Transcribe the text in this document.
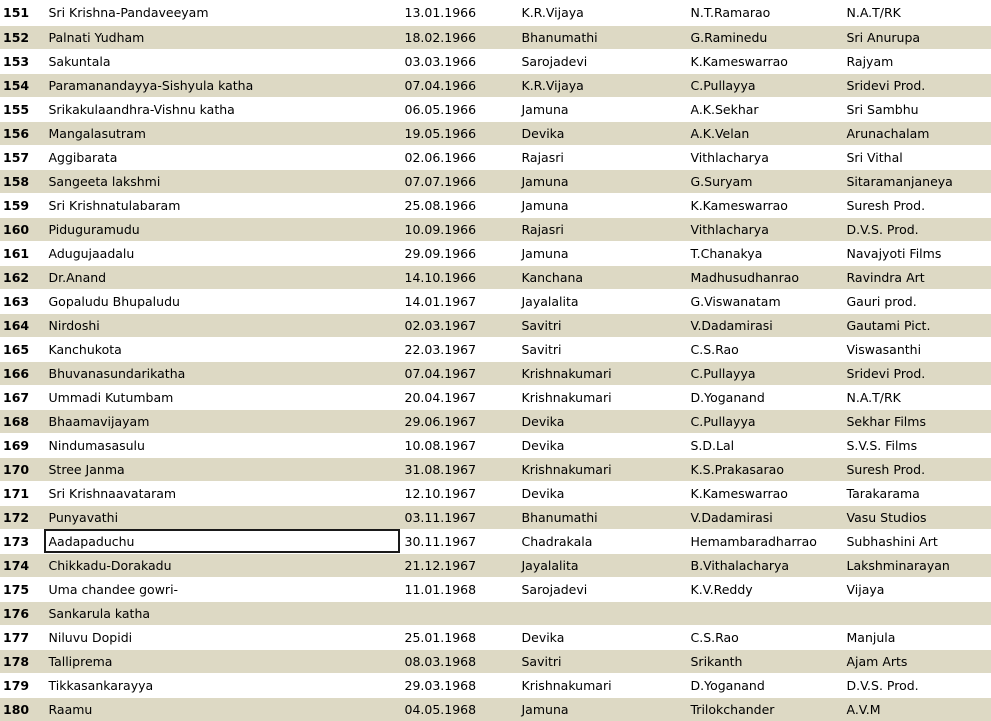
151	Sri Krishna-Pandaveeyam	13.01.1966	K.R.Vijaya	N.T.Ramarao	N.A.T/RK	
152	Palnati Yudham	18.02.1966	Bhanumathi	G.Raminedu	Sri Anurupa	
153	Sakuntala	03.03.1966	Sarojadevi	K.Kameswarrao	Rajyam	
154	Paramanandayya-Sishyula katha	07.04.1966	K.R.Vijaya	C.Pullayya	Sridevi Prod.	
155	Srikakulaandhra-Vishnu katha	06.05.1966	Jamuna	A.K.Sekhar	Sri Sambhu	
156	Mangalasutram	19.05.1966	Devika	A.K.Velan	Arunachalam	
157	Aggibarata	02.06.1966	Rajasri	Vithlacharya	Sri Vithal	
158	Sangeeta lakshmi	07.07.1966	Jamuna	G.Suryam	Sitaramanjaneya	
159	Sri Krishnatulabaram	25.08.1966	Jamuna	K.Kameswarrao	Suresh Prod.	
160	Piduguramudu	10.09.1966	Rajasri	Vithlacharya	D.V.S. Prod.	
161	Adugujaadalu	29.09.1966	Jamuna	T.Chanakya	Navajyoti Films	
162	Dr.Anand	14.10.1966	Kanchana	Madhusudhanrao	Ravindra Art	
163	Gopaludu Bhupaludu	14.01.1967	Jayalalita	G.Viswanatam	Gauri prod.	
164	Nirdoshi	02.03.1967	Savitri	V.Dadamirasi	Gautami Pict.	
165	Kanchukota	22.03.1967	Savitri	C.S.Rao	Viswasanthi	
166	Bhuvanasundarikatha	07.04.1967	Krishnakumari	C.Pullayya	Sridevi Prod.	
167	Ummadi Kutumbam	20.04.1967	Krishnakumari	D.Yoganand	N.A.T/RK	
168	Bhaamavijayam	29.06.1967	Devika	C.Pullayya	Sekhar Films	
169	Nindumasasulu	10.08.1967	Devika	S.D.Lal	S.V.S. Films	
170	Stree Janma	31.08.1967	Krishnakumari	K.S.Prakasarao	Suresh Prod.	
171	Sri Krishnaavataram	12.10.1967	Devika	K.Kameswarrao	Tarakarama	
172	Punyavathi	03.11.1967	Bhanumathi	V.Dadamirasi	Vasu Studios	
173	Aadapaduchu	30.11.1967	Chadrakala	Hemambaradharrao	Subhashini Art	
174	Chikkadu-Dorakadu	21.12.1967	Jayalalita	B.Vithalacharya	Lakshminarayan	
175	Uma chandee gowri-	11.01.1968	Sarojadevi	K.V.Reddy	Vijaya	
176	Sankarula katha					
177	Niluvu Dopidi	25.01.1968	Devika	C.S.Rao	Manjula	
178	Talliprema	08.03.1968	Savitri	Srikanth	Ajam Arts	
179	Tikkasankarayya	29.03.1968	Krishnakumari	D.Yoganand	D.V.S. Prod.	
180	Raamu	04.05.1968	Jamuna	Trilokchander	A.V.M	
